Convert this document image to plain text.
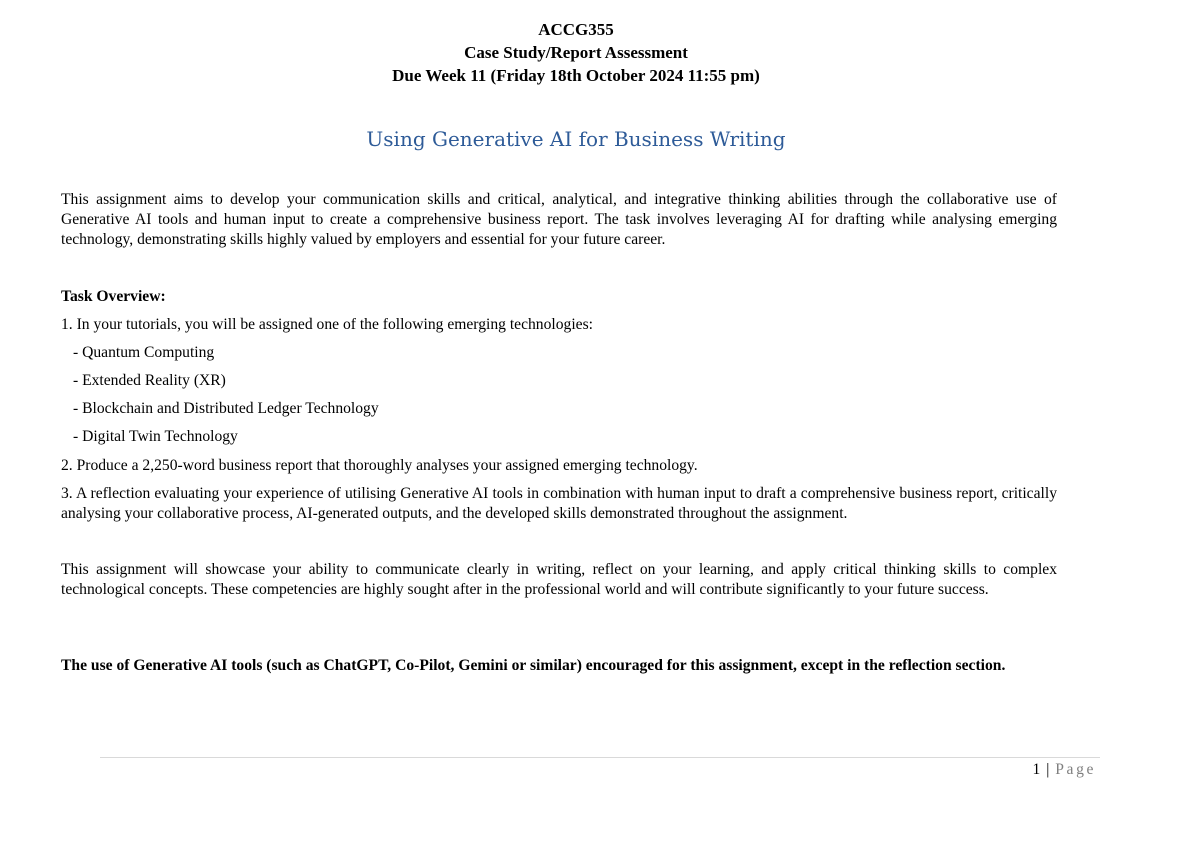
ACCG355
Case Study/Report Assessment
Due Week 11 (Friday 18th October 2024 11:55 pm)
Using Generative AI for Business Writing

This assignment aims to develop your communication skills and critical, analytical, and integrative thinking abilities through the collaborative use of Generative AI tools and human input to create a comprehensive business report. The task involves leveraging AI for drafting while analysing emerging technology, demonstrating skills highly valued by employers and essential for your future career.

Task Overview:
1. In your tutorials, you will be assigned one of the following emerging technologies:
- Quantum Computing
- Extended Reality (XR)
- Blockchain and Distributed Ledger Technology
- Digital Twin Technology
2. Produce a 2,250-word business report that thoroughly analyses your assigned emerging technology.

3. A reflection evaluating your experience of utilising Generative AI tools in combination with human input to draft a comprehensive business report, critically analysing your collaborative process, AI-generated outputs, and the developed skills demonstrated throughout the assignment.

This assignment will showcase your ability to communicate clearly in writing, reflect on your learning, and apply critical thinking skills to complex technological concepts. These competencies are highly sought after in the professional world and will contribute significantly to your future success.

The use of Generative AI tools (such as ChatGPT, Co-Pilot, Gemini or similar) encouraged for this assignment, except in the reflection section.

1 | Page
